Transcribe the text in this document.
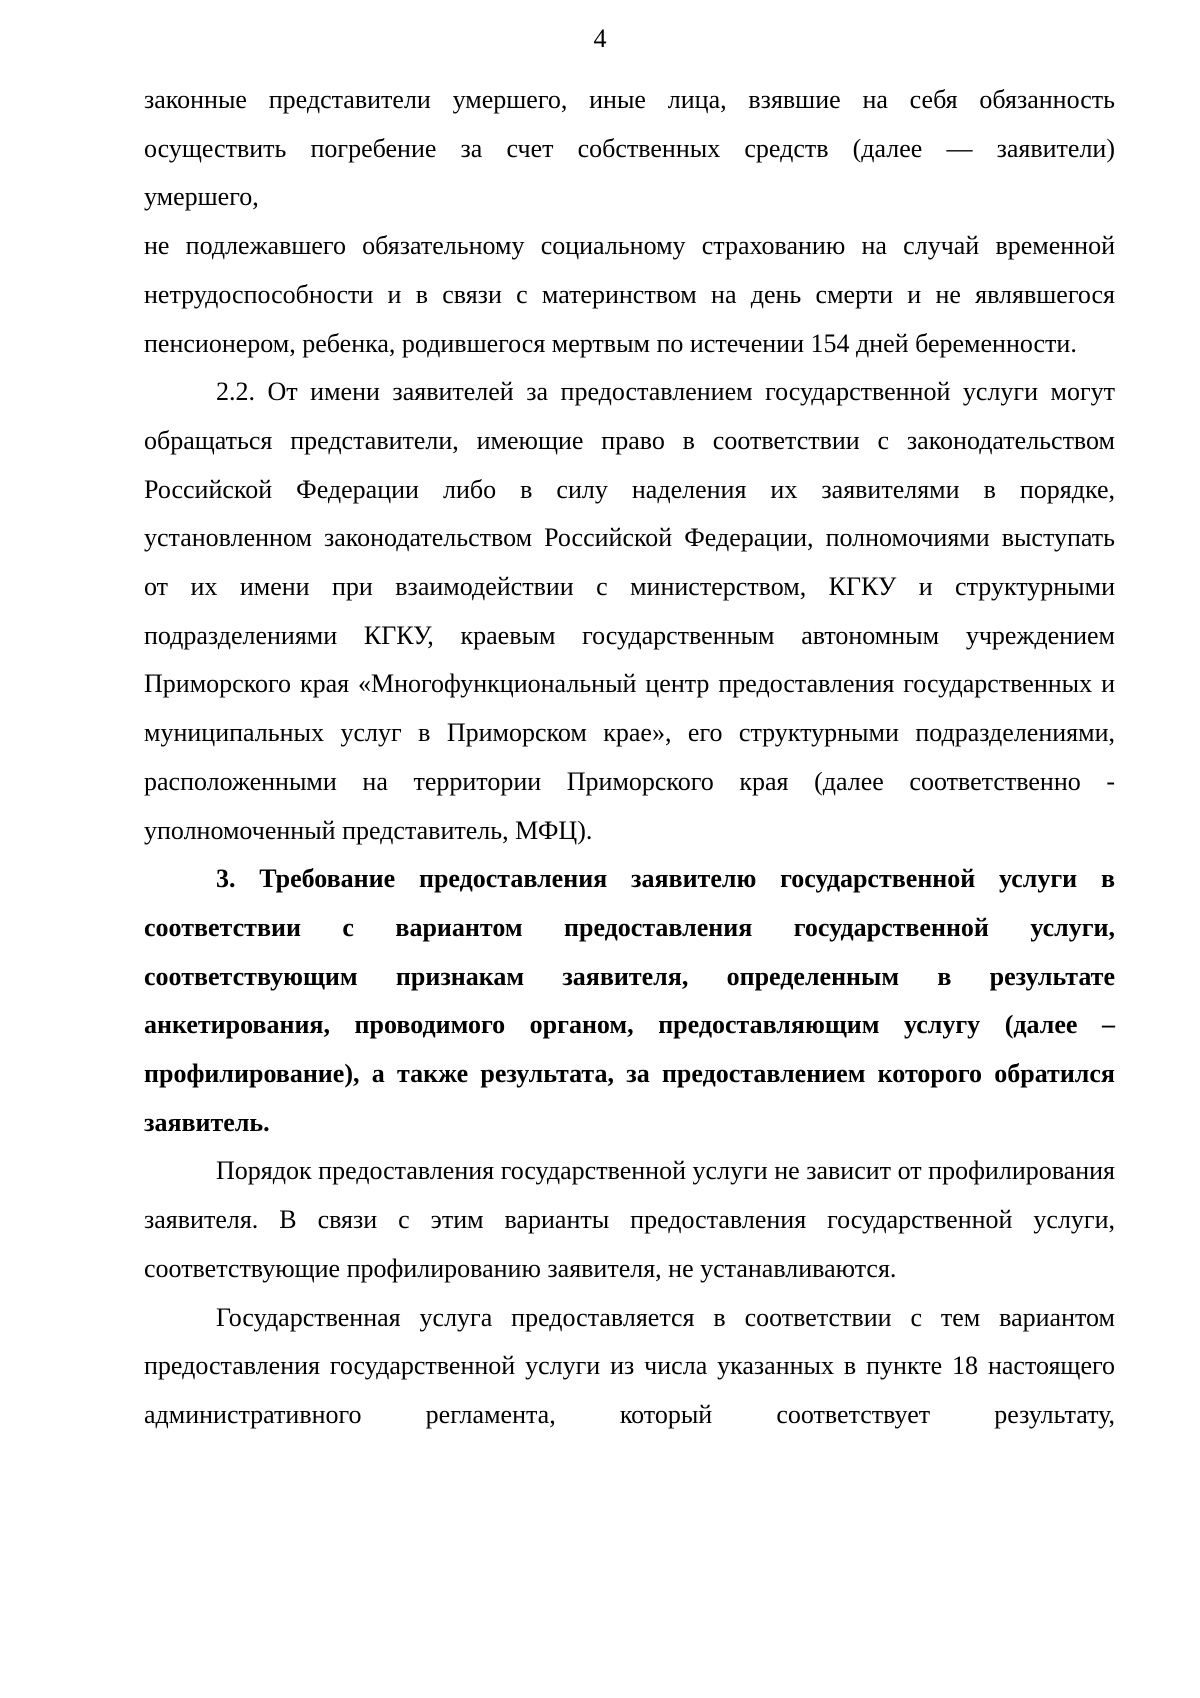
4

законные представители умершего, иные лица, взявшие на себя обязанность

осуществить погребение за счет собственных средств (далее — заявители)

умершего,

не подлежавшего обязательному социальному страхованию на случай временной нетрудоспособности и в связи с материнством на день смерти и не являвшегося пенсионером, ребенка, родившегося мертвым по истечении 154 дней беременности.

2.2. От имени заявителей за предоставлением государственной услуги могут обращаться представители, имеющие право в соответствии с законодательством Российской Федерации либо в силу наделения их заявителями в порядке, установленном законодательством Российской Федерации, полномочиями выступать от их имени при взаимодействии с министерством, КГКУ и структурными подразделениями КГКУ, краевым государственным автономным учреждением Приморского края «Многофункциональный центр предоставления государственных и муниципальных услуг в Приморском крае», его структурными подразделениями, расположенными на территории Приморского края (далее соответственно - уполномоченный представитель, МФЦ).

3. Требование предоставления заявителю государственной услуги в соответствии с вариантом предоставления государственной услуги, соответствующим признакам заявителя, определенным в результате анкетирования, проводимого органом, предоставляющим услугу (далее – профилирование), а также результата, за предоставлением которого обратился заявитель.

Порядок предоставления государственной услуги не зависит от профилирования заявителя. В связи с этим варианты предоставления государственной услуги, соответствующие профилированию заявителя, не устанавливаются.

Государственная услуга предоставляется в соответствии с тем вариантом предоставления государственной услуги из числа указанных в пункте 18 настоящего административного регламента, который соответствует результату,
